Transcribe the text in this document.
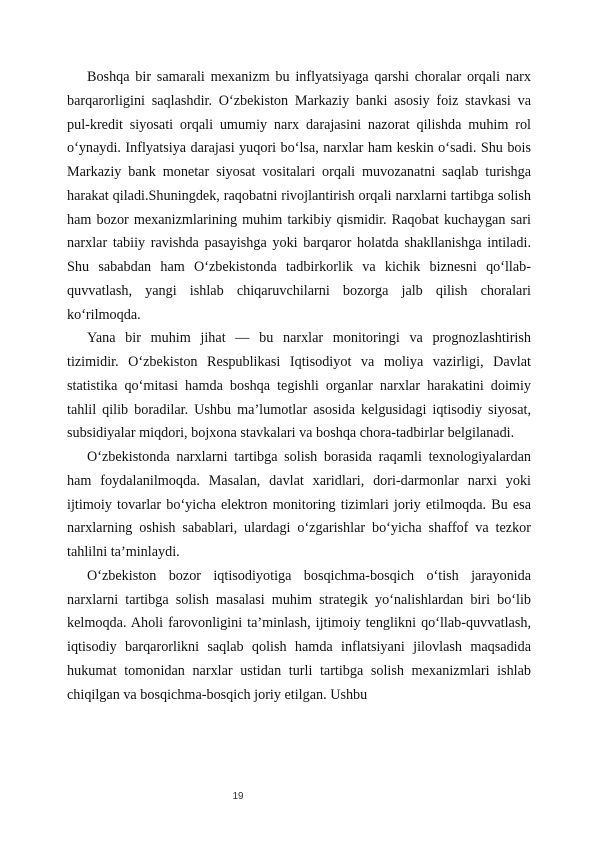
Boshqa bir samarali mexanizm bu inflyatsiyaga qarshi choralar orqali narx barqarorligini saqlashdir. O‘zbekiston Markaziy banki asosiy foiz stavkasi va pul-kredit siyosati orqali umumiy narx darajasini nazorat qilishda muhim rol o‘ynaydi. Inflyatsiya darajasi yuqori bo‘lsa, narxlar ham keskin o‘sadi. Shu bois Markaziy bank monetar siyosat vositalari orqali muvozanatni saqlab turishga harakat qiladi.Shuningdek, raqobatni rivojlantirish orqali narxlarni tartibga solish ham bozor mexanizmlarining muhim tarkibiy qismidir. Raqobat kuchaygan sari narxlar tabiiy ravishda pasayishga yoki barqaror holatda shakllanishga intiladi. Shu sababdan ham O‘zbekistonda tadbirkorlik va kichik biznesni qo‘llab-quvvatlash, yangi ishlab chiqaruvchilarni bozorga jalb qilish choralari ko‘rilmoqda.

Yana bir muhim jihat — bu narxlar monitoringi va prognozlashtirish tizimidir. O‘zbekiston Respublikasi Iqtisodiyot va moliya vazirligi, Davlat statistika qo‘mitasi hamda boshqa tegishli organlar narxlar harakatini doimiy tahlil qilib boradilar. Ushbu ma’lumotlar asosida kelgusidagi iqtisodiy siyosat, subsidiyalar miqdori, bojxona stavkalari va boshqa chora-tadbirlar belgilanadi.

O‘zbekistonda narxlarni tartibga solish borasida raqamli texnologiyalardan ham foydalanilmoqda. Masalan, davlat xaridlari, dori-darmonlar narxi yoki ijtimoiy tovarlar bo‘yicha elektron monitoring tizimlari joriy etilmoqda. Bu esa narxlarning oshish sabablari, ulardagi o‘zgarishlar bo‘yicha shaffof va tezkor tahlilni ta’minlaydi.

O‘zbekiston bozor iqtisodiyotiga bosqichma-bosqich o‘tish jarayonida narxlarni tartibga solish masalasi muhim strategik yo‘nalishlardan biri bo‘lib kelmoqda. Aholi farovonligini ta’minlash, ijtimoiy tenglikni qo‘llab-quvvatlash, iqtisodiy barqarorlikni saqlab qolish hamda inflatsiyani jilovlash maqsadida hukumat tomonidan narxlar ustidan turli tartibga solish mexanizmlari ishlab chiqilgan va bosqichma-bosqich joriy etilgan. Ushbu

19
